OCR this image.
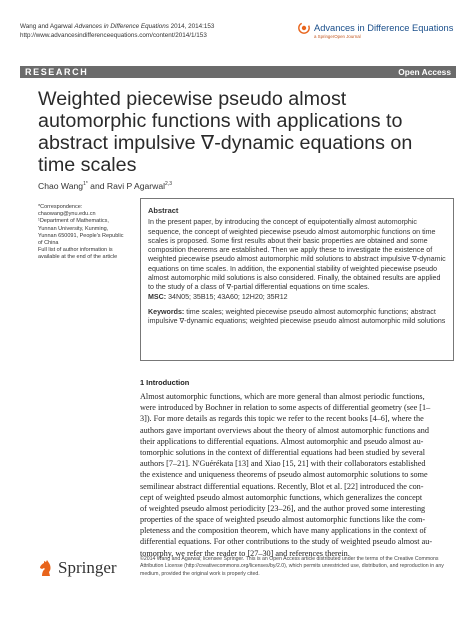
Wang and Agarwal Advances in Difference Equations 2014, 2014:153
http://www.advancesindifferenceequations.com/content/2014/1/153
Advances in Difference Equations
a SpringerOpen Journal
RESEARCH	Open Access
Weighted piecewise pseudo almost
automorphic functions with applications to
abstract impulsive ∇-dynamic equations on
time scales
Chao Wang$^{1*}$ and Ravi P Agarwal$^{2,3}$
*Correspondence:
chaowang@ynu.edu.cn
¹Department of Mathematics,
Yunnan University, Kunming,
Yunnan 650091, People's Republic
of China
Full list of author information is
available at the end of the article
Abstract

In the present paper, by introducing the concept of equipotentially almost automorphic sequence, the concept of weighted piecewise pseudo almost automorphic functions on time scales is proposed. Some first results about their basic properties are obtained and some composition theorems are established. Then we apply these to investigate the existence of weighted piecewise pseudo almost automorphic mild solutions to abstract impulsive ∇-dynamic equations on time scales. In addition, the exponential stability of weighted piecewise pseudo almost automorphic mild solutions is also considered. Finally, the obtained results are applied to the study of a class of ∇-partial differential equations on time scales.

MSC: 34N05; 35B15; 43A60; 12H20; 35R12
Keywords: time scales; weighted piecewise pseudo almost automorphic functions; abstract impulsive ∇-dynamic equations; weighted piecewise pseudo almost automorphic mild solutions
1 Introduction
Almost automorphic functions, which are more general than almost periodic functions,
were introduced by Bochner in relation to some aspects of differential geometry (see [1–
3]). For more details as regards this topic we refer to the recent books [4–6], where the
authors gave important overviews about the theory of almost automorphic functions and
their applications to differential equations. Almost automorphic and pseudo almost au-
tomorphic solutions in the context of differential equations had been studied by several
authors [7–21]. N'Guérékata [13] and Xiao [15, 21] with their collaborators established
the existence and uniqueness theorems of pseudo almost automorphic solutions to some
semilinear abstract differential equations. Recently, Blot et al. [22] introduced the con-
cept of weighted pseudo almost automorphic functions, which generalizes the concept
of weighted pseudo almost periodicity [23–26], and the author proved some interesting
properties of the space of weighted pseudo almost automorphic functions like the com-
pleteness and the composition theorem, which have many applications in the context of
differential equations. For other contributions to the study of weighted pseudo almost au-
tomorphy, we refer the reader to [27–30] and references therein.
Springer	©2014 Wang and Agarwal; licensee Springer. This is an Open Access article distributed under the terms of the Creative Commons Attribution License (http://creativecommons.org/licenses/by/2.0), which permits unrestricted use, distribution, and reproduction in any medium, provided the original work is properly cited.
